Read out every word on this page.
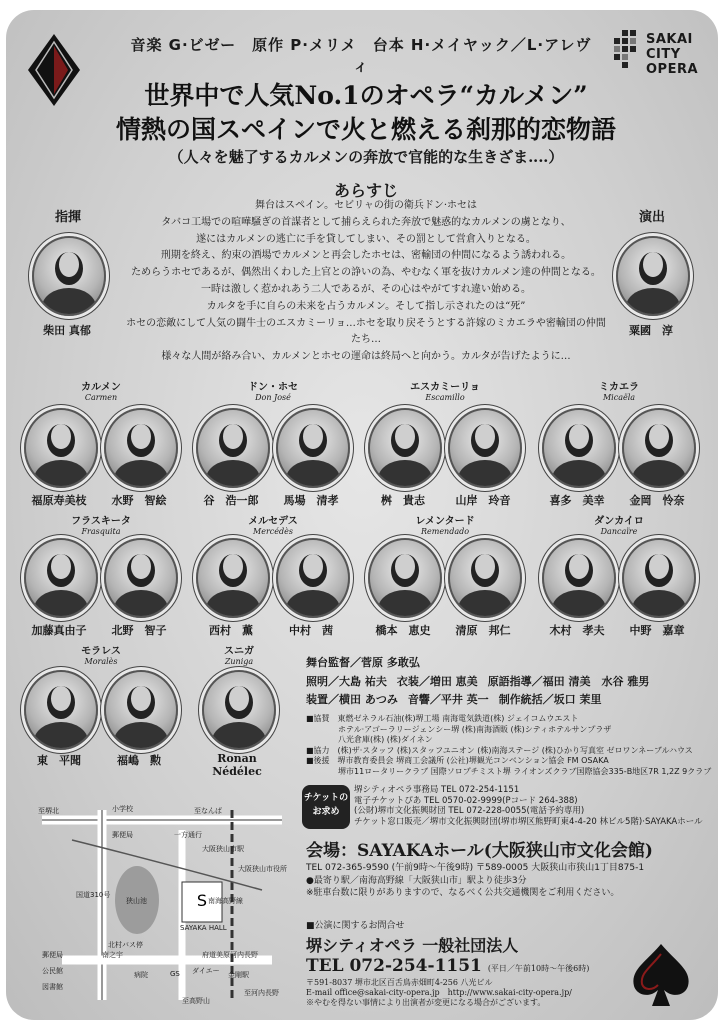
音楽 G·ビゼー　原作 P·メリメ　台本 H·メイヤック／L·アレヴィ
SAKAI
CITY
OPERA
世界中で人気No.1のオペラ“カルメン”
情熱の国スペインで火と燃える刹那的恋物語
（人々を魅了するカルメンの奔放で官能的な生きざま‥‥）
あらすじ
舞台はスペイン。セビリャの街の衛兵ドン·ホセは
タバコ工場での喧嘩騒ぎの首謀者として捕らえられた奔放で魅惑的なカルメンの虜となり、
遂にはカルメンの逃亡に手を貸してしまい、その罰として営倉入りとなる。
刑期を終え、約束の酒場でカルメンと再会したホセは、密輸団の仲間になるよう誘われる。
ためらうホセであるが、偶然出くわした上官との諍いの為、やむなく軍を抜けカルメン達の仲間となる。
一時は激しく惹かれあう二人であるが、その心はやがてすれ違い始める。
カルタを手に自らの未来を占うカルメン。そして指し示されたのは“死”
ホセの恋敵にして人気の闘牛士のエスカミーリョ…ホセを取り戻そうとする許嫁のミカエラや密輸団の仲間たち…
様々な人間が絡み合い、カルメンとホセの運命は終局へと向かう。カルタが告げたように…
指揮
柴田 真郁
演出
粟國　淳
カルメン
Carmen
福原寿美枝	水野　智絵
ドン・ホセ
Don José
谷　浩一郎	馬場　清孝
エスカミーリョ
Escamillo
桝　貴志	山岸　玲音
ミカエラ
Micaëla
喜多　美幸	金岡　怜奈
フラスキータ
Frasquita
加藤真由子	北野　智子
メルセデス
Mercédès
西村　薫	中村　茜
レメンタード
Remendado
橋本　恵史	清原　邦仁
ダンカイロ
Dancaïre
木村　孝夫	中野　嘉章
モラレス
Moralès
東　平聞	福嶋　勲
スニガ
Zuniga
Ronan Nédélec
舞台監督／菅原 多敢弘
照明／大島 祐夫 衣装／増田 恵美 原語指導／福田 清美　水谷 雅男
装置／横田 あつみ 音響／平井 英一 制作統括／坂口 茉里
■協賛　東燃ゼネラル石油(株)堺工場 南海電気鉄道(株) ジェイコムウエスト
　　　　ホテル·アゴーラリージェンシー堺 (株)南海酒販 (株)シティホテルサンプラザ
　　　　八光倉庫(株) (株)ダイネン
■協力　(株)ザ·スタッフ (株)スタッフユニオン (株)南海ステージ (株)ひかり写真室 ゼロワンネーブルハウス
■後援　堺市教育委員会 堺商工会議所 (公社)堺観光コンベンション協会 FM OSAKA
　　　　堺市11ロータリークラブ 国際ソロプチミスト堺 ライオンズクラブ国際協会335-B地区7R 1,2Z 9クラブ
チケットの
お求め
堺シティオペラ事務局 TEL 072-254-1151
電子チケットぴあ TEL 0570-02-9999(Pコード 264-388)
(公財)堺市文化振興財団 TEL 072-228-0055(電話予約専用)
チケット窓口販売／堺市文化振興財団(堺市堺区熊野町東4-4-20 林ビル5階)·SAYAKAホール
会場：SAYAKAホール(大阪狭山市文化会館)
TEL 072-365-9590 (午前9時〜午後9時) 〒589-0005 大阪狭山市狭山1丁目875-1
●最寄り駅／南海高野線「大阪狭山市」駅より徒歩3分
※駐車台数に限りがありますので、なるべく公共交通機関をご利用ください。
■公演に関するお問合せ
堺シティオペラ 一般社団法人
TEL 072-254-1151 (平日／午前10時〜午後6時)
〒591-8037 堺市北区百舌鳥赤畑町4-256 八光ビル
E-mail office@sakai-city-opera.jp　http://www.sakai-city-opera.jp/
※やむを得ない事情により出演者が変更になる場合がございます。
S
至堺北	至なんば
小学校
郵便局	一方通行
大阪狭山市駅
狭山池
国道310号
SAYAKA HALL
北村バス停
南之宇	府道美原河内長野
大阪狭山市役所
金剛駅
至河内長野
至高野山
GS ダイエー
病院
郵便局
公民館
図書館
南海高野線
